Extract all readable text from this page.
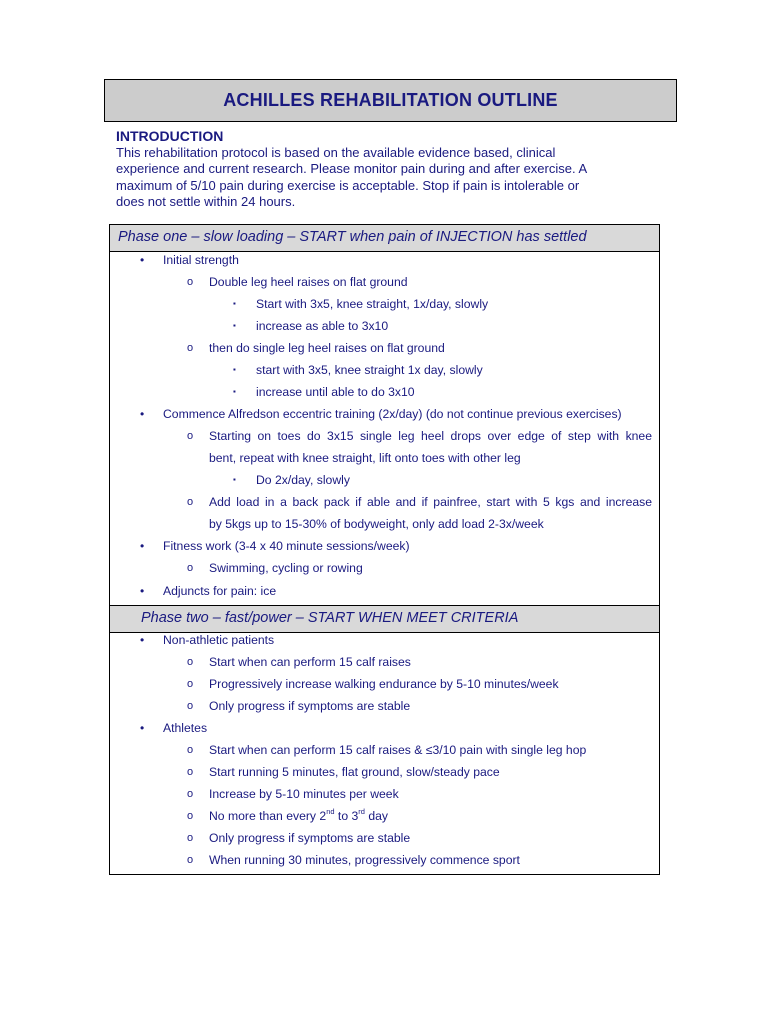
ACHILLES REHABILITATION OUTLINE
INTRODUCTION
This rehabilitation protocol is based on the available evidence based, clinical
experience and current research. Please monitor pain during and after exercise. A
maximum of 5/10 pain during exercise is acceptable. Stop if pain is intolerable or
does not settle within 24 hours.
Phase one – slow loading – START when pain of INJECTION has settled
• Initial strength
o Double leg heel raises on flat ground
▪ Start with 3x5, knee straight, 1x/day, slowly
▪ increase as able to 3x10
o then do single leg heel raises on flat ground
▪ start with 3x5, knee straight 1x day, slowly
▪ increase until able to do 3x10
• Commence Alfredson eccentric training (2x/day) (do not continue previous exercises)
o Starting on toes do 3x15 single leg heel drops over edge of step with knee
bent, repeat with knee straight, lift onto toes with other leg
▪ Do 2x/day, slowly
o Add load in a back pack if able and if painfree, start with 5 kgs and increase
by 5kgs up to 15-30% of bodyweight, only add load 2-3x/week
• Fitness work (3-4 x 40 minute sessions/week)
o Swimming, cycling or rowing
• Adjuncts for pain: ice
Phase two – fast/power – START WHEN MEET CRITERIA
• Non-athletic patients
o Start when can perform 15 calf raises
o Progressively increase walking endurance by 5-10 minutes/week
o Only progress if symptoms are stable
• Athletes
o Start when can perform 15 calf raises & ≤3/10 pain with single leg hop
o Start running 5 minutes, flat ground, slow/steady pace
o Increase by 5-10 minutes per week
o No more than every 2nd to 3rd day
o Only progress if symptoms are stable
o When running 30 minutes, progressively commence sport
